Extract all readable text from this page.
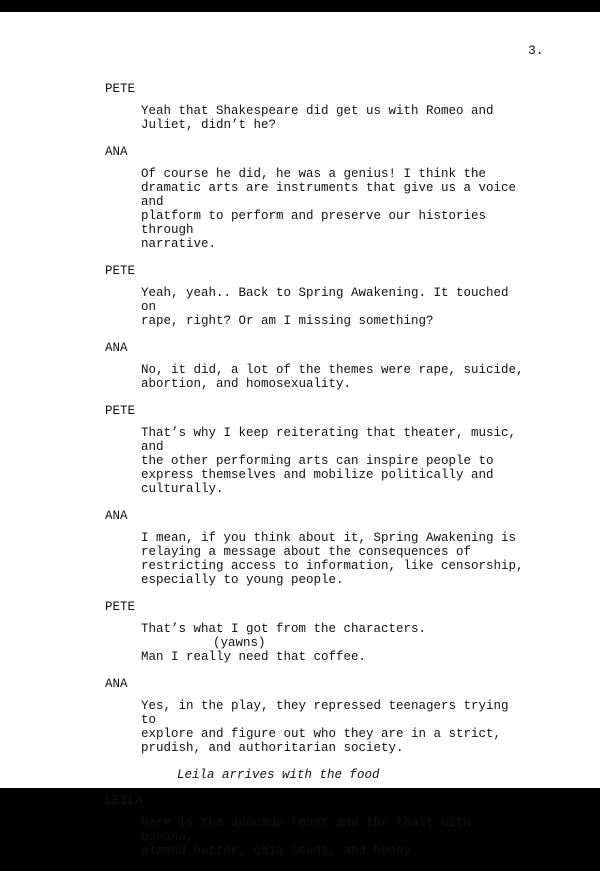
3.
PETE
Yeah that Shakespeare did get us with Romeo and
Juliet, didn’t he?
ANA
Of course he did, he was a genius! I think the
dramatic arts are instruments that give us a voice and
platform to perform and preserve our histories through
narrative.
PETE
Yeah, yeah.. Back to Spring Awakening. It touched on
rape, right? Or am I missing something?
ANA
No, it did, a lot of the themes were rape, suicide,
abortion, and homosexuality.
PETE
That’s why I keep reiterating that theater, music, and
the other performing arts can inspire people to
express themselves and mobilize politically and
culturally.
ANA
I mean, if you think about it, Spring Awakening is
relaying a message about the consequences of
restricting access to information, like censorship,
especially to young people.
PETE
That’s what I got from the characters.
(yawns)
Man I really need that coffee.
ANA
Yes, in the play, they repressed teenagers trying to
explore and figure out who they are in a strict,
prudish, and authoritarian society.
Leila arrives with the food
LEILA
Here is the avocado toast and the toast with banana,
almond butter, chia seeds, and honey.
